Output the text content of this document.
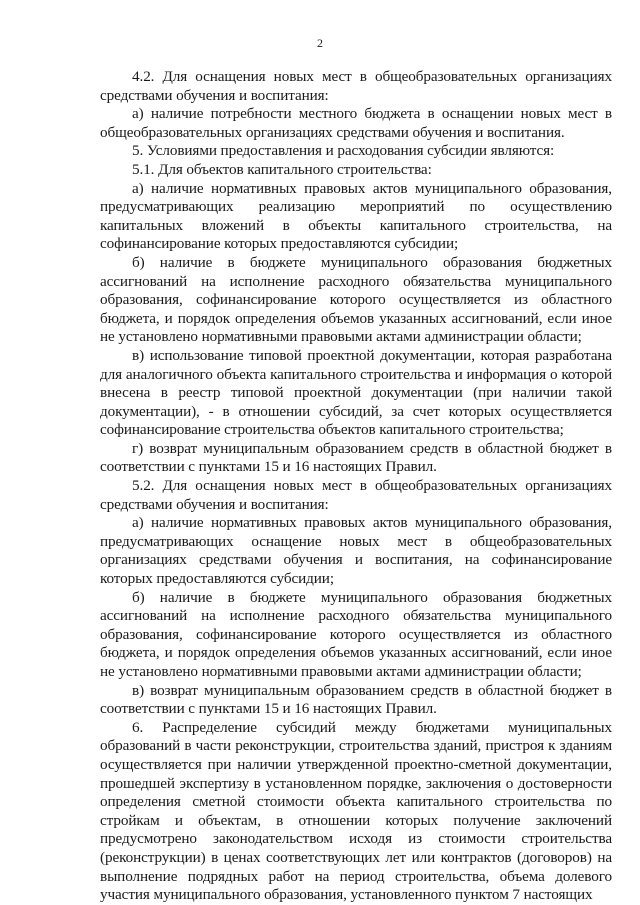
2

4.2. Для оснащения новых мест в общеобразовательных организациях средствами обучения и воспитания:

а) наличие потребности местного бюджета в оснащении новых мест в общеобразовательных организациях средствами обучения и воспитания.

5. Условиями предоставления и расходования субсидии являются:

5.1. Для объектов капитального строительства:

а) наличие нормативных правовых актов муниципального образования, предусматривающих реализацию мероприятий по осуществлению капитальных вложений в объекты капитального строительства, на софинансирование которых предоставляются субсидии;

б) наличие в бюджете муниципального образования бюджетных ассигнований на исполнение расходного обязательства муниципального образования, софинансирование которого осуществляется из областного бюджета, и порядок определения объемов указанных ассигнований, если иное не установлено нормативными правовыми актами администрации области;

в) использование типовой проектной документации, которая разработана для аналогичного объекта капитального строительства и информация о которой внесена в реестр типовой проектной документации (при наличии такой документации), - в отношении субсидий, за счет которых осуществляется софинансирование строительства объектов капитального строительства;

г) возврат муниципальным образованием средств в областной бюджет в соответствии с пунктами 15 и 16 настоящих Правил.

5.2. Для оснащения новых мест в общеобразовательных организациях средствами обучения и воспитания:

а) наличие нормативных правовых актов муниципального образования, предусматривающих оснащение новых мест в общеобразовательных организациях средствами обучения и воспитания, на софинансирование которых предоставляются субсидии;

б) наличие в бюджете муниципального образования бюджетных ассигнований на исполнение расходного обязательства муниципального образования, софинансирование которого осуществляется из областного бюджета, и порядок определения объемов указанных ассигнований, если иное не установлено нормативными правовыми актами администрации области;

в) возврат муниципальным образованием средств в областной бюджет в соответствии с пунктами 15 и 16 настоящих Правил.

6. Распределение субсидий между бюджетами муниципальных образований в части реконструкции, строительства зданий, пристроя к зданиям осуществляется при наличии утвержденной проектно-сметной документации, прошедшей экспертизу в установленном порядке, заключения о достоверности определения сметной стоимости объекта капитального строительства по стройкам и объектам, в отношении которых получение заключений предусмотрено законодательством исходя из стоимости строительства (реконструкции) в ценах соответствующих лет или контрактов (договоров) на выполнение подрядных работ на период строительства, объема долевого участия муниципального образования, установленного пунктом 7 настоящих
